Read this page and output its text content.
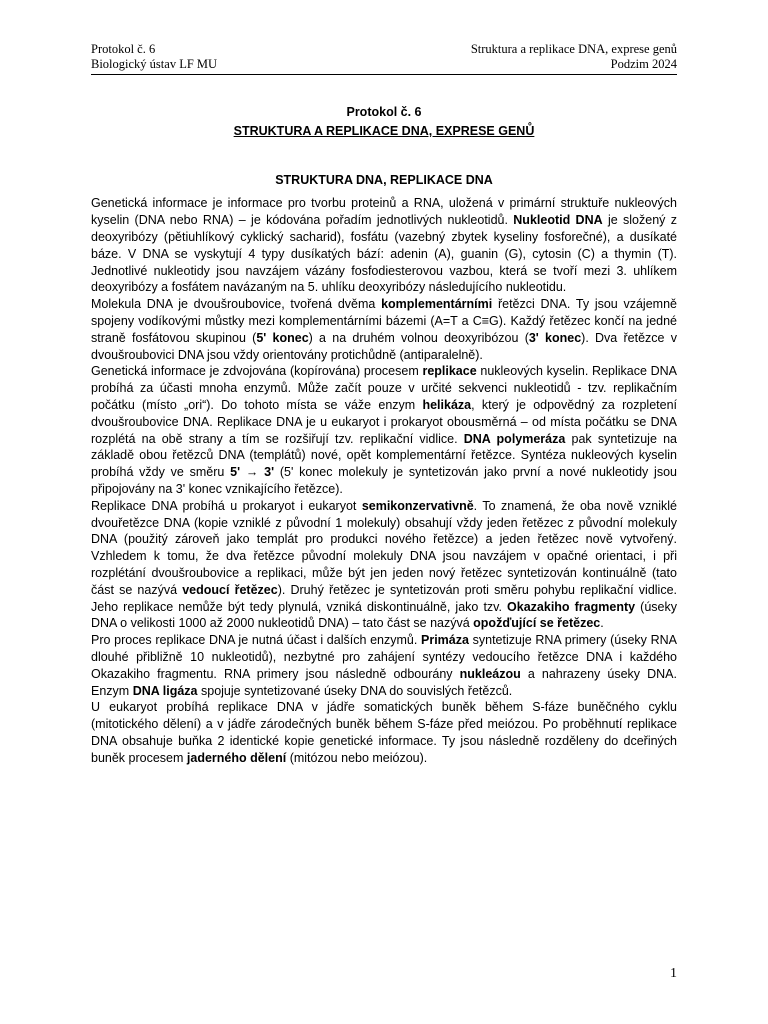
Protokol č. 6	Struktura a replikace DNA, exprese genů
Biologický ústav LF MU	Podzim 2024
Protokol č. 6
STRUKTURA A REPLIKACE DNA, EXPRESE GENŮ
STRUKTURA DNA, REPLIKACE DNA

Genetická informace je informace pro tvorbu proteinů a RNA, uložená v primární struktuře nukleových kyselin (DNA nebo RNA) – je kódována pořadím jednotlivých nukleotidů. Nukleotid DNA je složený z deoxyribózy (pětiuhlíkový cyklický sacharid), fosfátu (vazebný zbytek kyseliny fosforečné), a dusíkaté báze. V DNA se vyskytují 4 typy dusíkatých bází: adenin (A), guanin (G), cytosin (C) a thymin (T). Jednotlivé nukleotidy jsou navzájem vázány fosfodiesterovou vazbou, která se tvoří mezi 3. uhlíkem deoxyribózy a fosfátem navázaným na 5. uhlíku deoxyribózy následujícího nukleotidu.

Molekula DNA je dvoušroubovice, tvořená dvěma komplementárními řetězci DNA. Ty jsou vzájemně spojeny vodíkovými můstky mezi komplementárními bázemi (A=T a C≡G). Každý řetězec končí na jedné straně fosfátovou skupinou (5' konec) a na druhém volnou deoxyribózou (3' konec). Dva řetězce v dvoušroubovici DNA jsou vždy orientovány protichůdně (antiparalelně).

Genetická informace je zdvojována (kopírována) procesem replikace nukleových kyselin. Replikace DNA probíhá za účasti mnoha enzymů. Může začít pouze v určité sekvenci nukleotidů - tzv. replikačním počátku (místo „ori“). Do tohoto místa se váže enzym helikáza, který je odpovědný za rozpletení dvoušroubovice DNA. Replikace DNA je u eukaryot i prokaryot obousměrná – od místa počátku se DNA rozplétá na obě strany a tím se rozšiřují tzv. replikační vidlice. DNA polymeráza pak syntetizuje na základě obou řetězců DNA (templátů) nové, opět komplementární řetězce. Syntéza nukleových kyselin probíhá vždy ve směru 5' → 3' (5' konec molekuly je syntetizován jako první a nové nukleotidy jsou připojovány na 3' konec vznikajícího řetězce).

Replikace DNA probíhá u prokaryot i eukaryot semikonzervativně. To znamená, že oba nově vzniklé dvouřetězce DNA (kopie vzniklé z původní 1 molekuly) obsahují vždy jeden řetězec z původní molekuly DNA (použitý zároveň jako templát pro produkci nového řetězce) a jeden řetězec nově vytvořený. Vzhledem k tomu, že dva řetězce původní molekuly DNA jsou navzájem v opačné orientaci, i při rozplétání dvoušroubovice a replikaci, může být jen jeden nový řetězec syntetizován kontinuálně (tato část se nazývá vedoucí řetězec). Druhý řetězec je syntetizován proti směru pohybu replikační vidlice. Jeho replikace nemůže být tedy plynulá, vzniká diskontinuálně, jako tzv. Okazakiho fragmenty (úseky DNA o velikosti 1000 až 2000 nukleotidů DNA) – tato část se nazývá opožďující se řetězec.

Pro proces replikace DNA je nutná účast i dalších enzymů. Primáza syntetizuje RNA primery (úseky RNA dlouhé přibližně 10 nukleotidů), nezbytné pro zahájení syntézy vedoucího řetězce DNA i každého Okazakiho fragmentu. RNA primery jsou následně odbourány nukleázou a nahrazeny úseky DNA. Enzym DNA ligáza spojuje syntetizované úseky DNA do souvislých řetězců.

U eukaryot probíhá replikace DNA v jádře somatických buněk během S-fáze buněčného cyklu (mitotického dělení) a v jádře zárodečných buněk během S-fáze před meiózou. Po proběhnutí replikace DNA obsahuje buňka 2 identické kopie genetické informace. Ty jsou následně rozděleny do dceřiných buněk procesem jaderného dělení (mitózou nebo meiózou).

1
